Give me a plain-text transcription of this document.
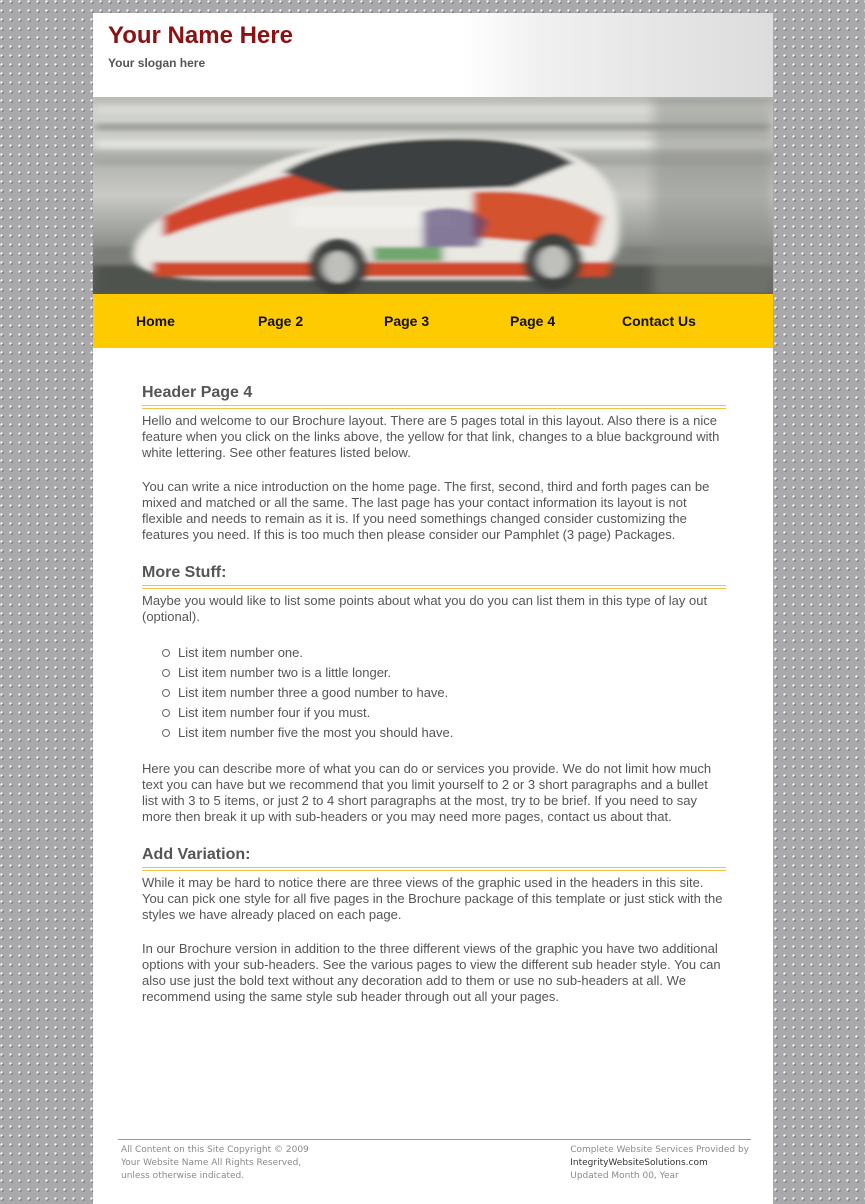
Your Name Here
Your slogan here
Home	Page 2	Page 3	Page 4	Contact Us
Header Page 4

Hello and welcome to our Brochure layout. There are 5 pages total in this layout. Also there is a nice feature when you click on the links above, the yellow for that link, changes to a blue background with white lettering. See other features listed below.

You can write a nice introduction on the home page. The first, second, third and forth pages can be mixed and matched or all the same. The last page has your contact information its layout is not flexible and needs to remain as it is. If you need somethings changed consider customizing the features you need. If this is too much then please consider our Pamphlet (3 page) Packages.

More Stuff:

Maybe you would like to list some points about what you do you can list them in this type of lay out (optional).

List item number one.
List item number two is a little longer.
List item number three a good number to have.
List item number four if you must.
List item number five the most you should have.

Here you can describe more of what you can do or services you provide. We do not limit how much text you can have but we recommend that you limit yourself to 2 or 3 short paragraphs and a bullet list with 3 to 5 items, or just 2 to 4 short paragraphs at the most, try to be brief. If you need to say more then break it up with sub-headers or you may need more pages, contact us about that.

Add Variation:

While it may be hard to notice there are three views of the graphic used in the headers in this site. You can pick one style for all five pages in the Brochure package of this template or just stick with the styles we have already placed on each page.

In our Brochure version in addition to the three different views of the graphic you have two additional options with your sub-headers. See the various pages to view the different sub header style. You can also use just the bold text without any decoration add to them or use no sub-headers at all. We recommend using the same style sub header through out all your pages.

All Content on this Site Copyright © 2009
Your Website Name All Rights Reserved,
unless otherwise indicated.
Complete Website Services Provided by
IntegrityWebsiteSolutions.com
Updated Month 00, Year
